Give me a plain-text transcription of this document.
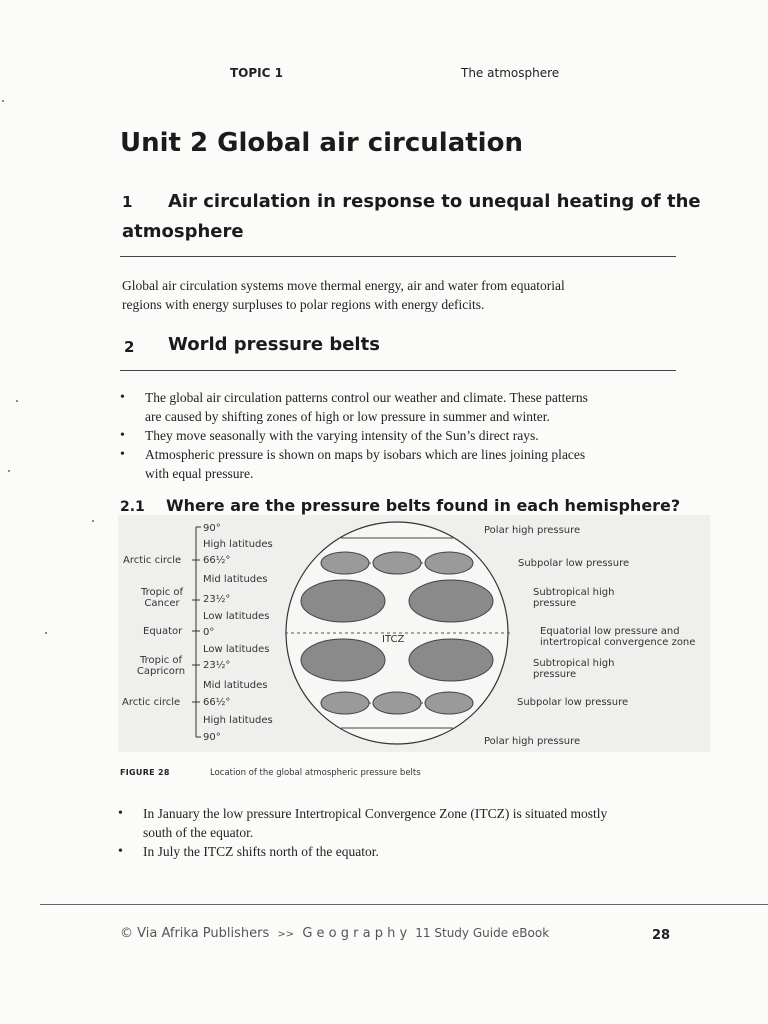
TOPIC 1	The atmosphere
Unit 2 Global air circulation
1 Air circulation in response to unequal heating of the
atmosphere
Global air circulation systems move thermal energy, air and water from equatorial
regions with energy surpluses to polar regions with energy deficits.
2 World pressure belts
• The global air circulation patterns control our weather and climate. These patterns
are caused by shifting zones of high or low pressure in summer and winter.
• They move seasonally with the varying intensity of the Sun’s direct rays.
• Atmospheric pressure is shown on maps by isobars which are lines joining places
with equal pressure.
2.1 Where are the pressure belts found in each hemisphere?
Arctic circle
Tropic of
Cancer
Equator
Tropic of
Capricorn
Arctic circle
90°
High latitudes
66½°
Mid latitudes
23½°
Low latitudes
0°
Low latitudes
23½°
Mid latitudes
66½°
High latitudes
90°
ITCZ
Polar high pressure
Subpolar low pressure
Subtropical high
pressure
Equatorial low pressure and
intertropical convergence zone
Subtropical high
pressure
Subpolar low pressure
Polar high pressure
FIGURE 28	Location of the global atmospheric pressure belts
• In January the low pressure Intertropical Convergence Zone (ITCZ) is situated mostly
south of the equator.
• In July the ITCZ shifts north of the equator.
© Via Afrika Publishers >> G e o g r a p h y 11 Study Guide eBook	28
